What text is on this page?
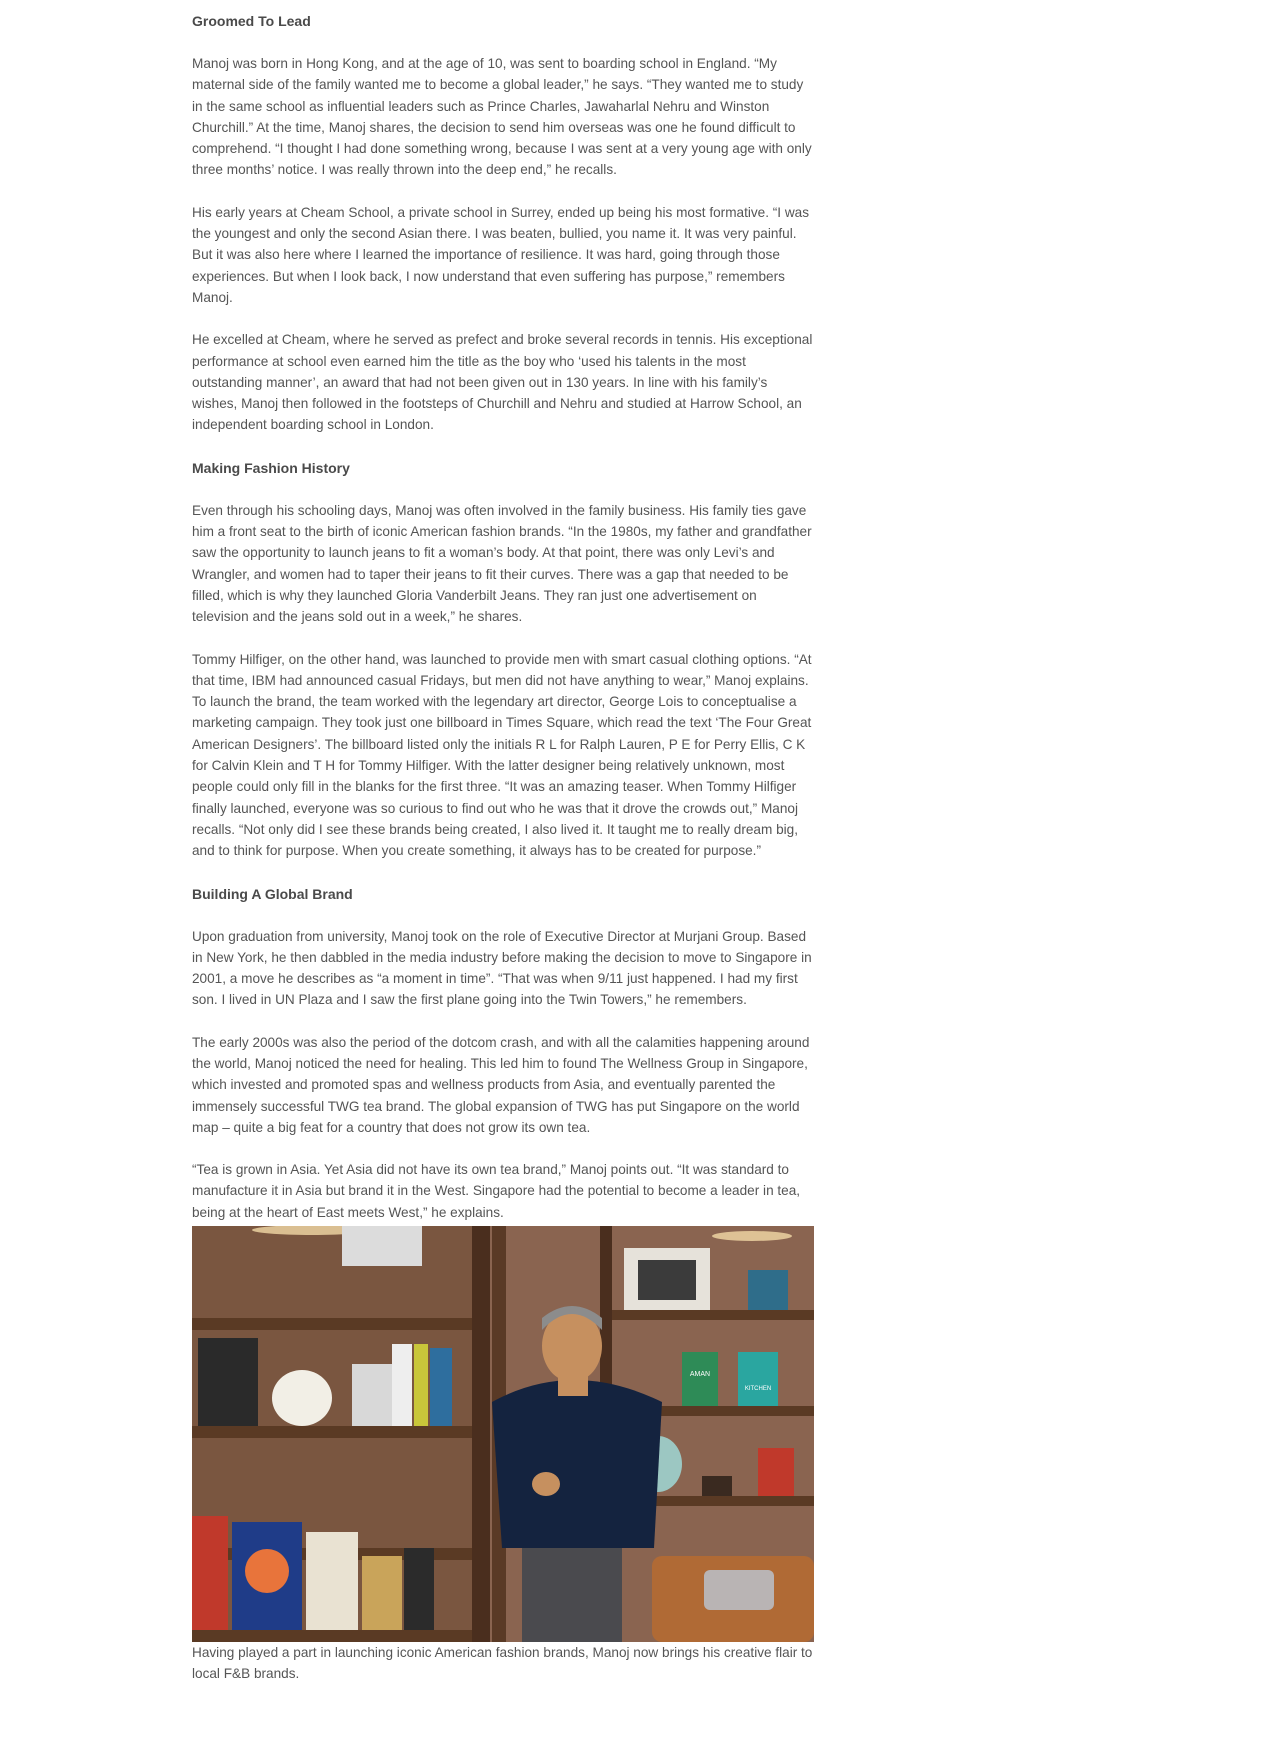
Groomed To Lead

Manoj was born in Hong Kong, and at the age of 10, was sent to boarding school in England. “My maternal side of the family wanted me to become a global leader,” he says. “They wanted me to study in the same school as influential leaders such as Prince Charles, Jawaharlal Nehru and Winston Churchill.” At the time, Manoj shares, the decision to send him overseas was one he found difficult to comprehend. “I thought I had done something wrong, because I was sent at a very young age with only three months’ notice. I was really thrown into the deep end,” he recalls.

His early years at Cheam School, a private school in Surrey, ended up being his most formative. “I was the youngest and only the second Asian there. I was beaten, bullied, you name it. It was very painful. But it was also here where I learned the importance of resilience. It was hard, going through those experiences. But when I look back, I now understand that even suffering has purpose,” remembers Manoj.

He excelled at Cheam, where he served as prefect and broke several records in tennis. His exceptional performance at school even earned him the title as the boy who ‘used his talents in the most outstanding manner’, an award that had not been given out in 130 years. In line with his family’s wishes, Manoj then followed in the footsteps of Churchill and Nehru and studied at Harrow School, an independent boarding school in London.

Making Fashion History

Even through his schooling days, Manoj was often involved in the family business. His family ties gave him a front seat to the birth of iconic American fashion brands. “In the 1980s, my father and grandfather saw the opportunity to launch jeans to fit a woman’s body. At that point, there was only Levi’s and Wrangler, and women had to taper their jeans to fit their curves. There was a gap that needed to be filled, which is why they launched Gloria Vanderbilt Jeans. They ran just one advertisement on television and the jeans sold out in a week,” he shares.

Tommy Hilfiger, on the other hand, was launched to provide men with smart casual clothing options. “At that time, IBM had announced casual Fridays, but men did not have anything to wear,” Manoj explains. To launch the brand, the team worked with the legendary art director, George Lois to conceptualise a marketing campaign. They took just one billboard in Times Square, which read the text ‘The Four Great American Designers’. The billboard listed only the initials R L for Ralph Lauren, P E for Perry Ellis, C K for Calvin Klein and T H for Tommy Hilfiger. With the latter designer being relatively unknown, most people could only fill in the blanks for the first three. “It was an amazing teaser. When Tommy Hilfiger finally launched, everyone was so curious to find out who he was that it drove the crowds out,” Manoj recalls. “Not only did I see these brands being created, I also lived it. It taught me to really dream big, and to think for purpose. When you create something, it always has to be created for purpose.”

Building A Global Brand

Upon graduation from university, Manoj took on the role of Executive Director at Murjani Group. Based in New York, he then dabbled in the media industry before making the decision to move to Singapore in 2001, a move he describes as “a moment in time”. “That was when 9/11 just happened. I had my first son. I lived in UN Plaza and I saw the first plane going into the Twin Towers,” he remembers.

The early 2000s was also the period of the dotcom crash, and with all the calamities happening around the world, Manoj noticed the need for healing. This led him to found The Wellness Group in Singapore, which invested and promoted spas and wellness products from Asia, and eventually parented the immensely successful TWG tea brand. The global expansion of TWG has put Singapore on the world map – quite a big feat for a country that does not grow its own tea.

“Tea is grown in Asia. Yet Asia did not have its own tea brand,” Manoj points out. “It was standard to manufacture it in Asia but brand it in the West. Singapore had the potential to become a leader in tea, being at the heart of East meets West,” he explains.

AMAN
KITCHEN

Having played a part in launching iconic American fashion brands, Manoj now brings his creative flair to local F&B brands.
